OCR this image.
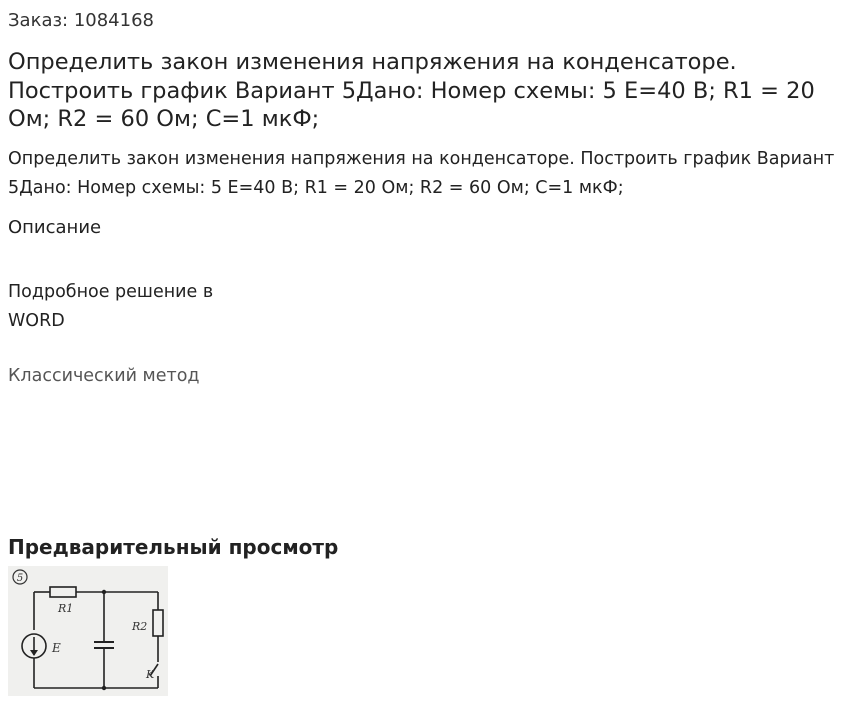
Заказ: 1084168
Определить закон изменения напряжения на конденсаторе. Построить график Вариант 5Дано: Номер схемы: 5 E=40 В; R1 = 20 Ом; R2 = 60 Ом; C=1 мкФ;
Определить закон изменения напряжения на конденсаторе. Построить график Вариант 5Дано: Номер схемы: 5 E=40 В; R1 = 20 Ом; R2 = 60 Ом; C=1 мкФ;
Описание
Подробное решение в WORD
Классический метод
Предварительный просмотр
5
R1
E
R2
K
